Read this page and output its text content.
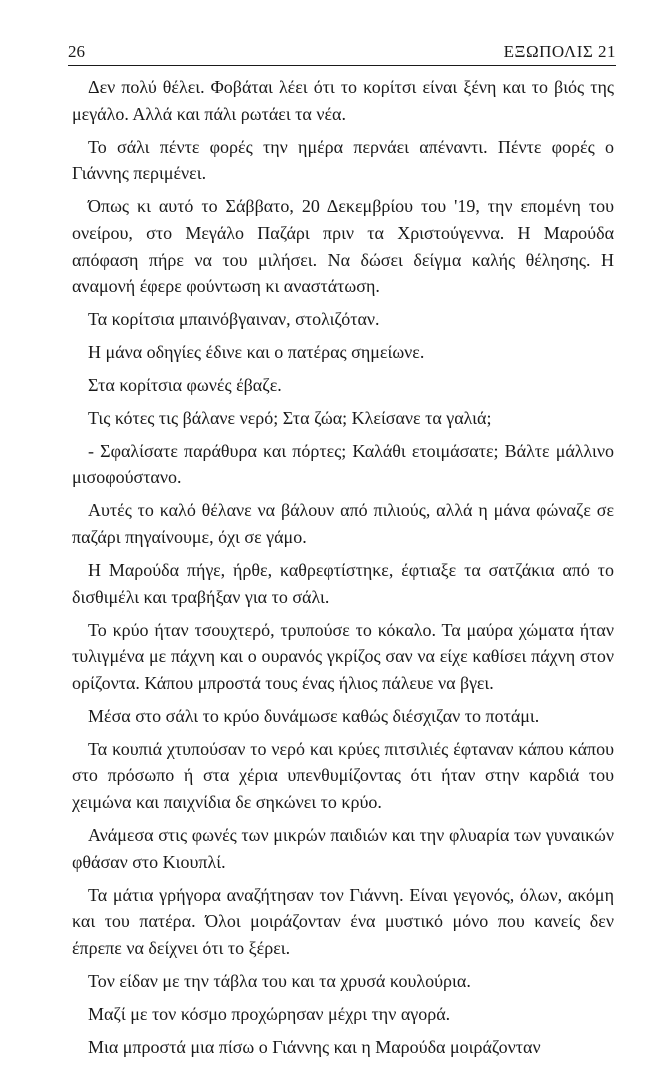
26	ΕΞΩΠΟΛΙΣ 21

Δεν πολύ θέλει. Φοβάται λέει ότι το κορίτσι είναι ξένη και το βιός της μεγάλο. Αλλά και πάλι ρωτάει τα νέα.

Το σάλι πέντε φορές την ημέρα περνάει απέναντι. Πέντε φορές ο Γιάννης περιμένει.

Όπως κι αυτό το Σάββατο, 20 Δεκεμβρίου του '19, την επομένη του ονείρου, στο Μεγάλο Παζάρι πριν τα Χριστούγεννα. Η Μαρούδα απόφαση πήρε να του μιλήσει. Να δώσει δείγμα καλής θέλησης. Η αναμονή έφερε φούντωση κι αναστάτωση.

Τα κορίτσια μπαινόβγαιναν, στολιζόταν.

Η μάνα οδηγίες έδινε και ο πατέρας σημείωνε.

Στα κορίτσια φωνές έβαζε.

Τις κότες τις βάλανε νερό; Στα ζώα; Κλείσανε τα γαλιά;

- Σφαλίσατε παράθυρα και πόρτες; Καλάθι ετοιμάσατε; Βάλτε μάλλινο μισοφούστανο.

Αυτές το καλό θέλανε να βάλουν από πιλιούς, αλλά η μάνα φώναζε σε παζάρι πηγαίνουμε, όχι σε γάμο.

Η Μαρούδα πήγε, ήρθε, καθρεφτίστηκε, έφτιαξε τα σατζάκια από το δισθιμέλι και τραβήξαν για το σάλι.

Το κρύο ήταν τσουχτερό, τρυπούσε το κόκαλο. Τα μαύρα χώματα ήταν τυλιγμένα με πάχνη και ο ουρανός γκρίζος σαν να είχε καθίσει πάχνη στον ορίζοντα. Κάπου μπροστά τους ένας ήλιος πάλευε να βγει.

Μέσα στο σάλι το κρύο δυνάμωσε καθώς διέσχιζαν το ποτάμι.

Τα κουπιά χτυπούσαν το νερό και κρύες πιτσιλιές έφταναν κάπου κάπου στο πρόσωπο ή στα χέρια υπενθυμίζοντας ότι ήταν στην καρδιά του χειμώνα και παιχνίδια δε σηκώνει το κρύο.

Ανάμεσα στις φωνές των μικρών παιδιών και την φλυαρία των γυναικών φθάσαν στο Κιουπλί.

Τα μάτια γρήγορα αναζήτησαν τον Γιάννη. Είναι γεγονός, όλων, ακόμη και του πατέρα. Όλοι μοιράζονταν ένα μυστικό μόνο που κανείς δεν έπρεπε να δείχνει ότι το ξέρει.

Τον είδαν με την τάβλα του και τα χρυσά κουλούρια.

Μαζί με τον κόσμο προχώρησαν μέχρι την αγορά.

Μια μπροστά μια πίσω ο Γιάννης και η Μαρούδα μοιράζονταν
